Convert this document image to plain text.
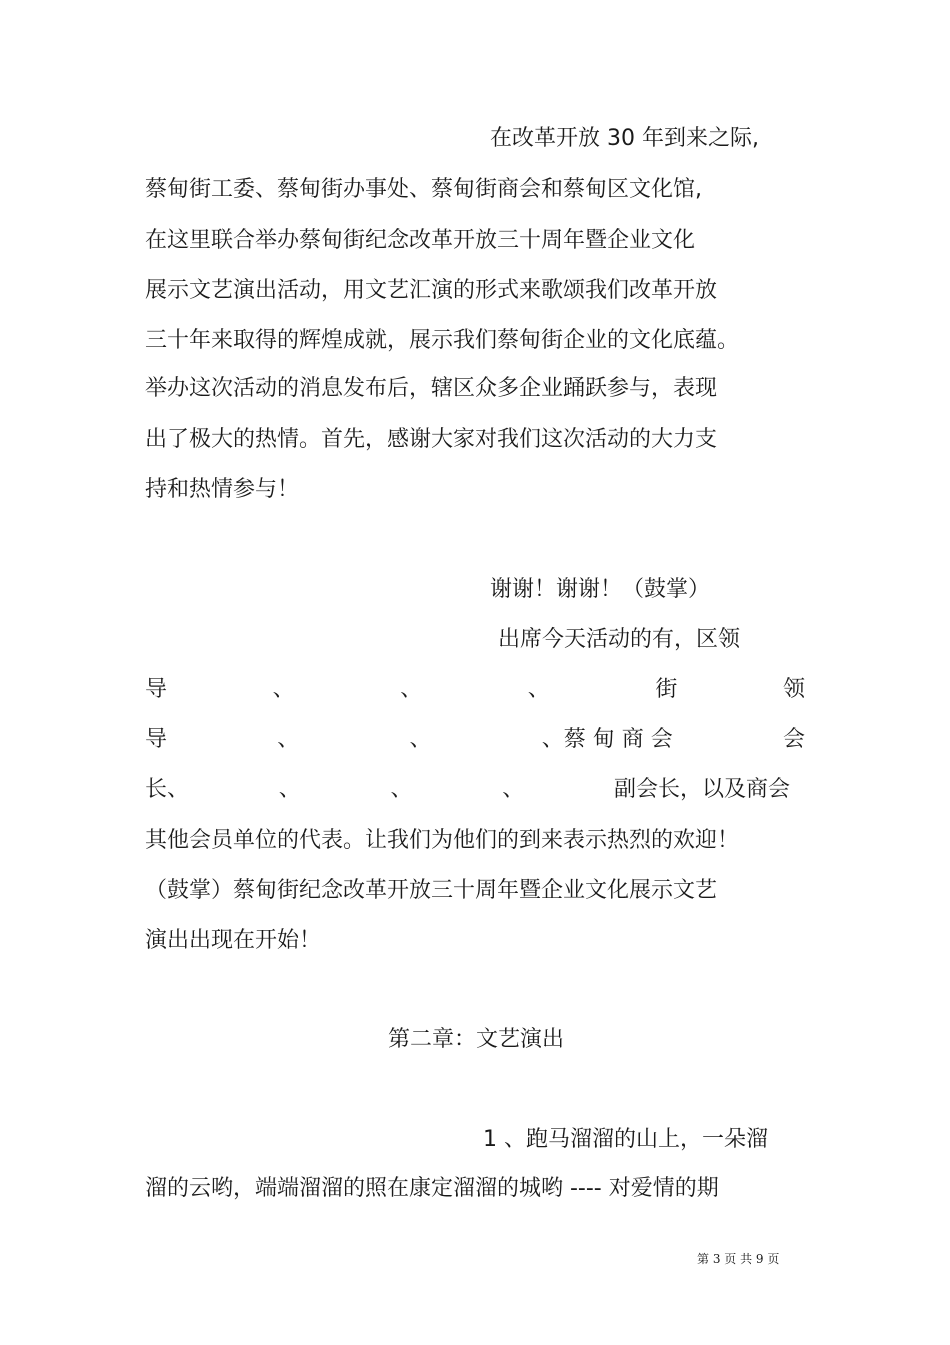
在改革开放 30 年到来之际,
蔡甸街工委、蔡甸街办事处、蔡甸街商会和蔡甸区文化馆,
在这里联合举办蔡甸街纪念改革开放三十周年暨企业文化
展示文艺演出活动，用文艺汇演的形式来歌颂我们改革开放
三十年来取得的辉煌成就，展示我们蔡甸街企业的文化底蕴。
举办这次活动的消息发布后，辖区众多企业踊跃参与，表现
出了极大的热情。首先，感谢大家对我们这次活动的大力支
持和热情参与！
谢谢！谢谢！（鼓掌）
出席今天活动的有，区领
导	、	、	、	街	领
导	、	、	、蔡 甸 商 会	会
长、	、	、	、	副会长，以及商会
其他会员单位的代表。让我们为他们的到来表示热烈的欢迎！
（鼓掌）蔡甸街纪念改革开放三十周年暨企业文化展示文艺
演出出现在开始！
第二章：文艺演出
1 、跑马溜溜的山上，一朵溜
溜的云哟，端端溜溜的照在康定溜溜的城哟 ---- 对爱情的期
第 3 页 共 9 页
